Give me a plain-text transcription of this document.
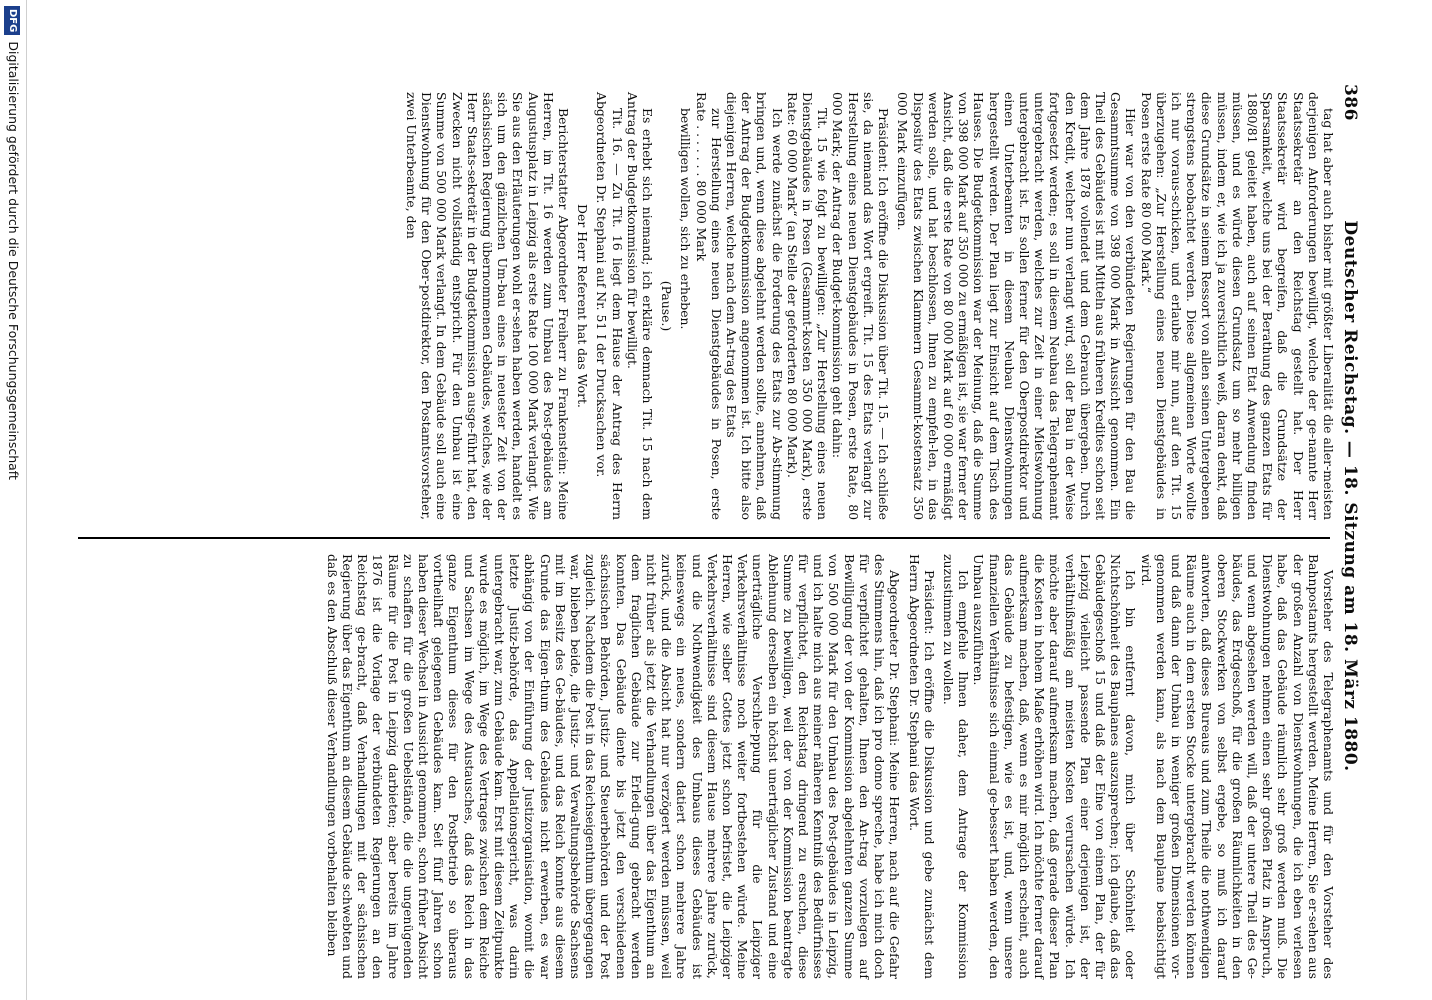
386
Deutscher Reichstag. — 18. Sitzung am 18. März 1880.

tag hat aber auch bisher mit größter Liberalität die aller-meisten derjenigen Anforderungen bewilligt, welche der ge-nannte Herr Staatssekretär an den Reichstag gestellt hat. Der Herr Staatssekretär wird begreifen, daß die Grundsätze der Sparsamkeit, welche uns bei der Berathung des ganzen Etats für 1880/81 geleitet haben, auch auf seinen Etat Anwendung finden müssen, und es würde diesen Grundsatz um so mehr billigen müssen, indem er, wie ich ja zuversichtlich weiß, daran denkt, daß diese Grundsätze in seinem Ressort von allen seinen Untergebenen strengstens beobachtet werden. Diese allgemeinen Worte wollte ich nur voraus-schicken, und erlaube mir nun, auf den Tit. 15 überzugehen: „Zur Herstellung eines neuen Dienstgebäudes in Posen erste Rate 80 000 Mark.“

Hier war von den verbündeten Regierungen für den Bau die Gesammtsumme von 398 000 Mark in Aussicht genommen. Ein Theil des Gebäudes ist mit Mitteln aus früheren Kredites schon seit dem Jahre 1878 vollendet und dem Gebrauch übergeben. Durch den Kredit, welcher nun verlangt wird, soll der Bau in der Weise fortgesetzt werden; es soll in diesem Neubau das Telegraphenamt untergebracht werden, welches zur Zeit in einer Mietswohnung untergebracht ist. Es sollen ferner für den Oberpostdirektor und einen Unterbeamten in diesem Neubau Dienstwohnungen hergestellt werden. Der Plan liegt zur Einsicht auf dem Tisch des Hauses. Die Budgetkommission war der Meinung, daß die Summe von 398 000 Mark auf 350 000 zu ermäßigen ist, sie war ferner der Ansicht, daß die erste Rate von 80 000 Mark auf 60 000 ermäßigt werden solle, und hat beschlossen, Ihnen zu empfeh-len, in das Dispositiv des Etats zwischen Klammern Gesammt-kostensatz 350 000 Mark einzufügen.

Präsident: Ich eröffne die Diskussion über Tit. 15. — Ich schließe sie, da niemand das Wort ergreift. Tit. 15 des Etats verlangt zur Herstellung eines neuen Dienstgebäudes in Posen, erste Rate, 80 000 Mark; der Antrag der Budget-kommission geht dahin:

Tit. 15 wie folgt zu bewilligen: „Zur Herstellung eines neuen Dienstgebäudes in Posen (Gesammt-kosten 350 000 Mark), erste Rate: 60 000 Mark“ (an Stelle der geforderten 80 000 Mark).

Ich werde zunächst die Forderung des Etats zur Ab-stimmung bringen und, wenn diese abgelehnt werden sollte, annehmen, daß der Antrag der Budgetkommission angenommen ist. Ich bitte also diejenigen Herren, welche nach dem An-trag des Etats

zur Herstellung eines neuen Dienstgebäudes in Posen, erste Rate . . . . . . . 80 000 Mark

bewilligen wollen, sich zu erheben.

(Pause.)

Es erhebt sich niemand; ich erkläre demnach Tit. 15 nach dem Antrag der Budgetkommission für bewilligt.

Tit. 16. — Zu Tit. 16 liegt dem Hause der Antrag des Herrn Abgeordneten Dr. Stephani auf Nr. 51 I der Drucksachen vor.

Der Herr Referent hat das Wort.

Berichterstatter Abgeordneter Freiherr zu Frankenstein: Meine Herren, im Tit. 16 werden zum Umbau des Post-gebäudes am Augustusplatz in Leipzig als erste Rate 100 000 Mark verlangt. Wie Sie aus den Erläuterungen wohl er-sehen haben werden, handelt es sich um den gänzlichen Um-bau eines in neuester Zeit von der sächsischen Regierung übernommenen Gebäudes, welches, wie der Herr Staats-sekretär in der Budgetkommission ausge-führt hat, den Zwecken nicht vollständig entspricht. Für den Umbau ist eine Summe von 500 000 Mark verlangt. In dem Gebäude soll auch eine Dienstwohnung für den Ober-postdirektor, den Postamtsvorsteher, zwei Unterbeamte, den

Vorsteher des Telegraphenamts und für den Vorsteher des Bahnpostamts hergestellt werden. Meine Herren, Sie er-sehen aus der großen Anzahl von Dienstwohnungen, die ich eben verlesen habe, daß das Gebäude räumlich sehr groß werden muß. Die Dienstwohnungen nehmen einen sehr großen Platz in Anspruch, und wenn abgesehen werden will, daß der untere Theil des Ge-bäudes, das Erdgeschoß, für die großen Räumlichkeiten in den oberen Stockwerken von selbst ergebe, so muß ich darauf antworten, daß dieses Bureaus und zum Theile die nothwendigen Räume auch in dem ersten Stocke untergebracht werden können und daß dann der Umbau in weniger großen Dimensionen vor-genommen werden kann, als nach dem Bauplane beabsichtigt wird.

Ich bin entfernt davon, mich über Schönheit oder Nichtschönheit des Bauplanes auszusprechen; ich glaube, daß das Gebäudegeschoß 15 und daß der Eine von einem Plan, der für Leipzig vielleicht passende Plan einer derjenigen ist, der verhältnißmäßig am meisten Kosten verursachen würde. Ich möchte aber darauf aufmerksam machen, daß gerade dieser Plan die Kosten in hohem Maße erhöhen wird. Ich möchte ferner darauf aufmerksam machen, daß, wenn es mir möglich erscheint, auch das Gebäude zu befestigen, wie es ist, und, wenn unsere finanziellen Verhältnisse sich einmal ge-bessert haben werden, den Umbau auszuführen.

Ich empfehle Ihnen daher, dem Antrage der Kommission zuzustimmen zu wollen.

Präsident: Ich eröffne die Diskussion und gebe zunächst dem Herrn Abgeordneten Dr. Stephani das Wort.

Abgeordneter Dr. Stephani: Meine Herren, nach auf die Gefahr des Stimmens hin, daß ich pro domo spreche, habe ich mich doch für verpflichtet gehalten, Ihnen den An-trag vorzulegen auf Bewilligung der von der Kommission abgelehnten ganzen Summe von 500 000 Mark für den Umbau des Post-gebäudes in Leipzig, und ich halte mich aus meiner näheren Kenntniß des Bedürfnisses für verpflichtet, den Reichstag dringend zu ersuchen, diese Summe zu bewilligen, weil der von der Kommission beantragte Ablehnung derselben ein höchst unerträglicher Zustand und eine unerträgliche Verschle-ppung für die Leipziger Verkehrsverhältnisse noch weiter fortbestehen würde. Meine Herren, wie selber Gottes jetzt schon befristet, die Leipziger Verkehrsverhältnisse sind diesem Hause mehrere Jahre zurück, und die Nothwendigkeit des Umbaus dieses Gebäudes ist keineswegs ein neues, sondern datiert schon mehrere Jahre zurück, und die Absicht hat nur verzögert werden müssen, weil nicht früher als jetzt die Verhandlungen über das Eigenthum an dem fraglichen Gebäude zur Erledi-gung gebracht werden konnten. Das Gebäude diente bis jetzt den verschiedenen sächsischen Behörden, Justiz- und Steuerbehörden und der Post zugleich. Nachdem die Post in das Reichseigenthum übergegangen war, blieben beide, die Justiz- und Verwaltungsbehörde Sachsens mit im Besitz des Ge-bäudes, und das Reich konnte aus diesem Grunde das Eigen-thum des Gebäudes nicht erwerben, es war abhängig von der Einführung der Justizorganisation, womit die letzte Justiz-behörde, das Appellationsgericht, was darin untergebracht war, zum Gebäude kam. Erst mit diesem Zeitpunkte wurde es möglich, im Wege des Vertrages zwischen dem Reiche und Sachsen im Wege des Austausches, daß das Reich in das ganze Eigenthum dieses für den Postbetrieb so überaus vortheilhaft gelegenen Gebäudes kam. Seit fünf Jahren schon haben dieser Wechsel in Aussicht genommen, schon früher Absicht zu schaffen für die großen Uebelstände, die die ungenügenden Räume für die Post in Leipzig darbieten; aber bereits im Jahre 1876 ist die Vorlage der verbündeten Regierungen an den Reichstag ge-bracht, daß Verhandlungen mit der sächsischen Regierung über das Eigenthum an diesem Gebäude schwebten und daß es den Abschluß dieser Verhandlungen vorbehalten bleiben

DFGDigitalisierung gefördert durch die Deutsche Forschungsgemeinschaft
